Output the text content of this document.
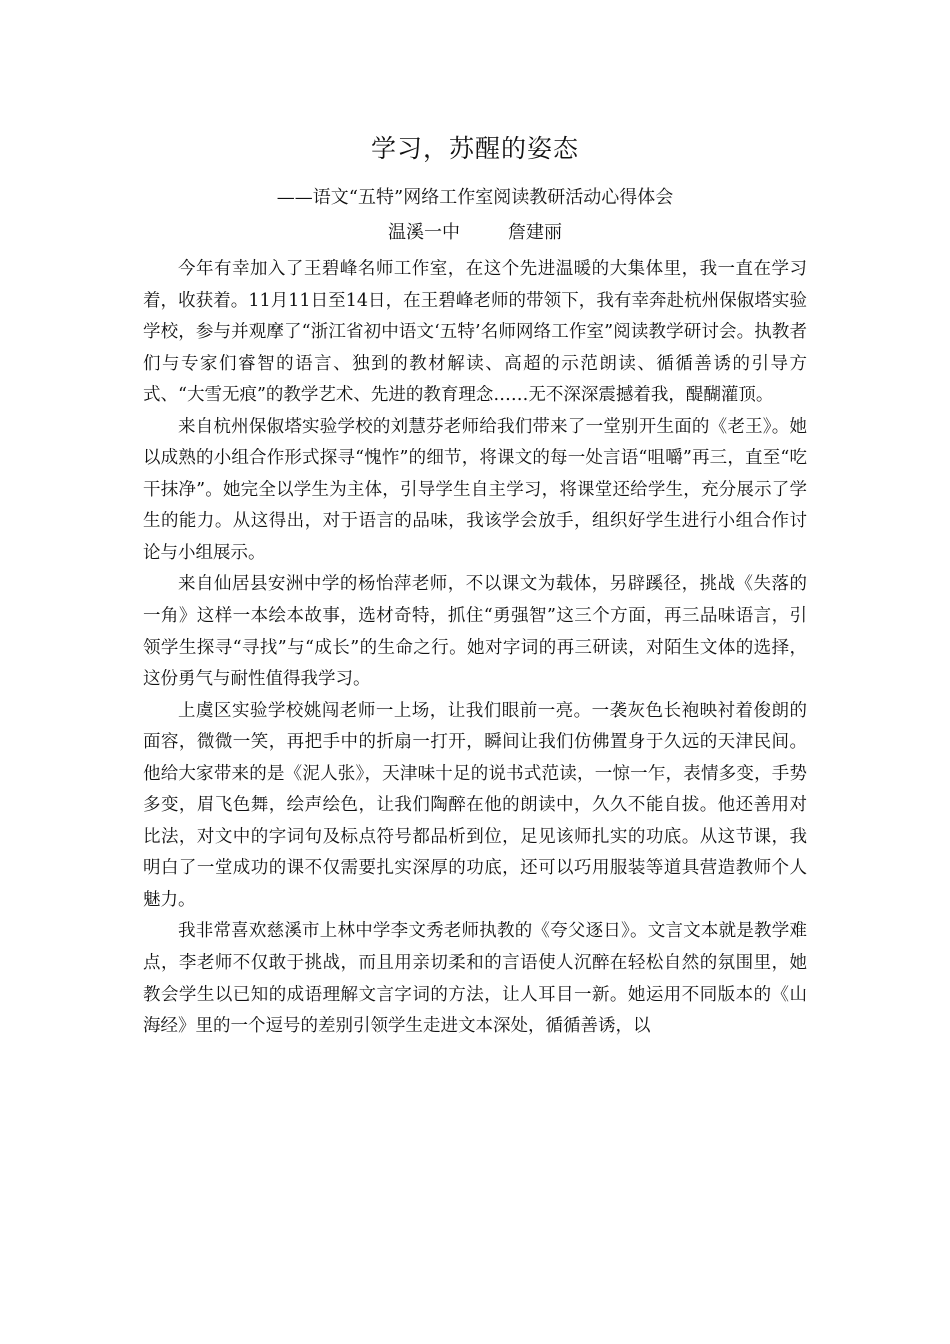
学习，苏醒的姿态
——语文“五特”网络工作室阅读教研活动心得体会
温溪一中	詹建丽

今年有幸加入了王碧峰名师工作室，在这个先进温暖的大集体里，我一直在学习着，收获着。11月11日至14日，在王碧峰老师的带领下，我有幸奔赴杭州保俶塔实验学校，参与并观摩了“浙江省初中语文‘五特’名师网络工作室”阅读教学研讨会。执教者们与专家们睿智的语言、独到的教材解读、高超的示范朗读、循循善诱的引导方式、“大雪无痕”的教学艺术、先进的教育理念……无不深深震撼着我，醍醐灌顶。

来自杭州保俶塔实验学校的刘慧芬老师给我们带来了一堂别开生面的《老王》。她以成熟的小组合作形式探寻“愧怍”的细节，将课文的每一处言语“咀嚼”再三，直至“吃干抹净”。她完全以学生为主体，引导学生自主学习，将课堂还给学生，充分展示了学生的能力。从这得出，对于语言的品味，我该学会放手，组织好学生进行小组合作讨论与小组展示。

来自仙居县安洲中学的杨怡萍老师，不以课文为载体，另辟蹊径，挑战《失落的一角》这样一本绘本故事，选材奇特，抓住“勇强智”这三个方面，再三品味语言，引领学生探寻“寻找”与“成长”的生命之行。她对字词的再三研读，对陌生文体的选择，这份勇气与耐性值得我学习。

上虞区实验学校姚闯老师一上场，让我们眼前一亮。一袭灰色长袍映衬着俊朗的面容，微微一笑，再把手中的折扇一打开，瞬间让我们仿佛置身于久远的天津民间。他给大家带来的是《泥人张》，天津味十足的说书式范读，一惊一乍，表情多变，手势多变，眉飞色舞，绘声绘色，让我们陶醉在他的朗读中，久久不能自拔。他还善用对比法，对文中的字词句及标点符号都品析到位，足见该师扎实的功底。从这节课，我明白了一堂成功的课不仅需要扎实深厚的功底，还可以巧用服装等道具营造教师个人魅力。

我非常喜欢慈溪市上林中学李文秀老师执教的《夸父逐日》。文言文本就是教学难点，李老师不仅敢于挑战，而且用亲切柔和的言语使人沉醉在轻松自然的氛围里，她教会学生以已知的成语理解文言字词的方法，让人耳目一新。她运用不同版本的《山海经》里的一个逗号的差别引领学生走进文本深处，循循善诱，以
